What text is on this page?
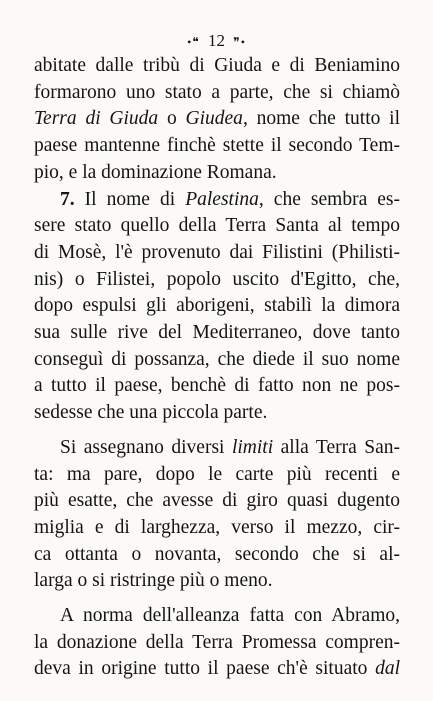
•❝ 12 ❞•
abitate dalle tribù di Giuda e di Beniamino
formarono uno stato a parte, che si chiamò
Terra di Giuda o Giudea, nome che tutto il
paese mantenne finchè stette il secondo Tem-
pio, e la dominazione Romana.
7. Il nome di Palestina, che sembra es-
sere stato quello della Terra Santa al tempo
di Mosè, l'è provenuto dai Filistini (Philisti-
nis) o Filistei, popolo uscito d'Egitto, che,
dopo espulsi gli aborigeni, stabilì la dimora
sua sulle rive del Mediterraneo, dove tanto
conseguì di possanza, che diede il suo nome
a tutto il paese, benchè di fatto non ne pos-
sedesse che una piccola parte.
Si assegnano diversi limiti alla Terra San-
ta: ma pare, dopo le carte più recenti e
più esatte, che avesse di giro quasi dugento
miglia e di larghezza, verso il mezzo, cir-
ca ottanta o novanta, secondo che si al-
larga o si ristringe più o meno.
A norma dell'alleanza fatta con Abramo,
la donazione della Terra Promessa compren-
deva in origine tutto il paese ch'è situato dal
